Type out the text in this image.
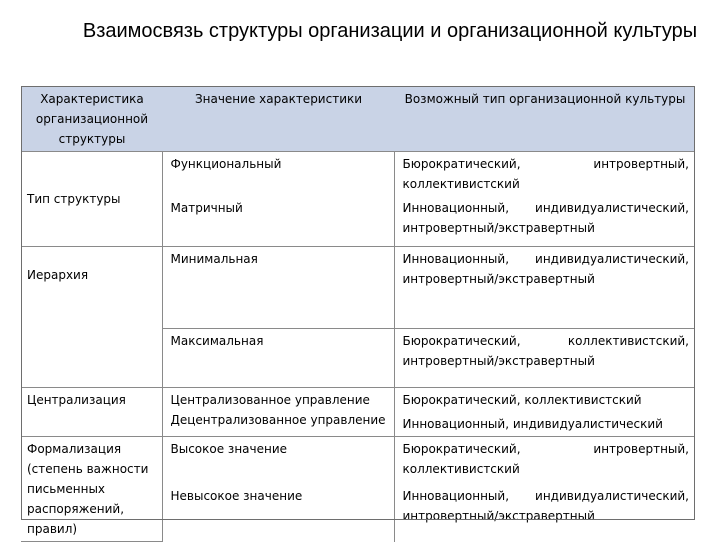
Взаимосвязь структуры организации и организационной культуры
Характеристика организационной структуры	Значение характеристики	Возможный тип организационной культуры
Тип структуры	Функциональный	Бюрократический, интровертный,
коллективистский

	Матричный	Инновационный, индивидуалистический,
интровертный/экстравертный

Иерархия	Минимальная	Инновационный, индивидуалистический,
интровертный/экстравертный

	Максимальная	Бюрократический, коллективистский,
интровертный/экстравертный

Централизация	Централизованное управление	Бюрократический, коллективистский

	Децентрализованное управление	Инновационный, индивидуалистический

Формализация (степень важности письменных распоряжений, правил)	Высокое значение	Бюрократический, интровертный,
коллективистский

	Невысокое значение	Инновационный, индивидуалистический,
интровертный/экстравертный
